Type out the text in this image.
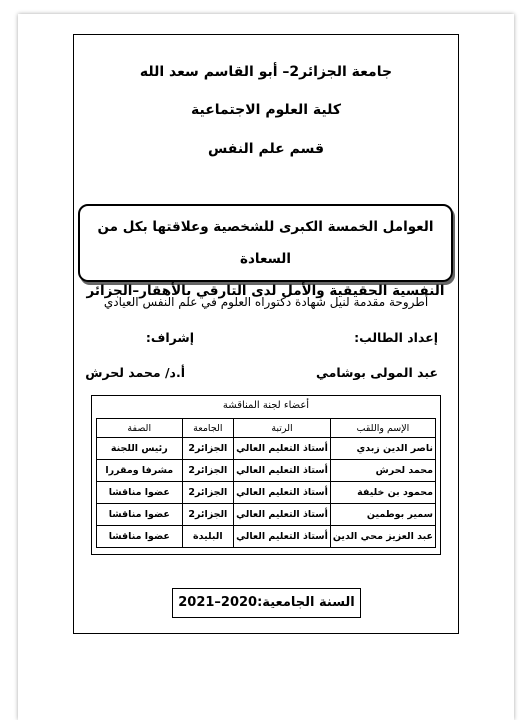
جامعة الجزائر2– أبو القاسم سعد الله
كلية العلوم الاجتماعية
قسم علم النفس
العوامل الخمسة الكبرى للشخصية وعلاقتها بكل من السعادة
النفسية الحقيقية والأمل لدى التارقي بالأهقار–الجزائر
أطروحة مقدمة لنيل شهادة دكتوراه العلوم في علم النفس العيادي
إعداد الطالب:
إشراف:
عبد المولى بوشامي
أ.د/ محمد لحرش
أعضاء لجنة المناقشة
الإسم واللقب	الرتبة	الجامعة	الصفة
ناصر الدين زبدي	أستاذ التعليم العالي	الجزائر2	رئيس اللجنة
محمد لحرش	أستاذ التعليم العالي	الجزائر2	مشرفا ومقررا
محمود بن خليفة	أستاذ التعليم العالي	الجزائر2	عضوا مناقشا
سمير بوطمين	أستاذ التعليم العالي	الجزائر2	عضوا مناقشا
عبد العزيز محي الدين	أستاذ التعليم العالي	البليدة	عضوا مناقشا
السنة الجامعية:2020–2021
